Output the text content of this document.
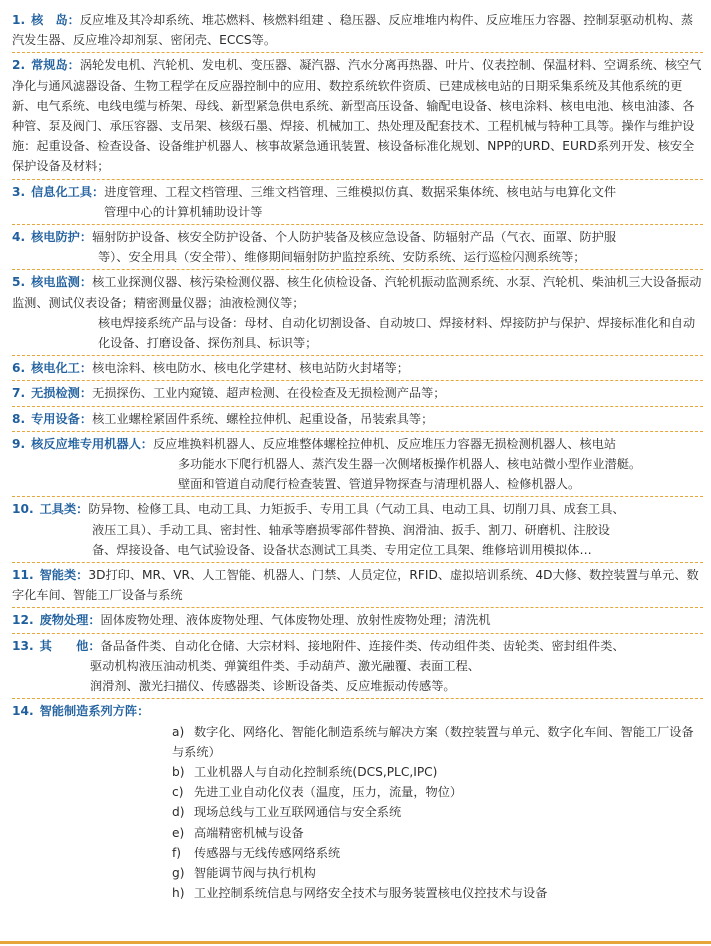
1. 核　岛：反应堆及其冷却系统、堆芯燃料、核燃料组建 、稳压器、反应堆堆内构件、反应堆压力容器、控制泵驱动机构、蒸汽发生器、反应堆冷却剂泵、密闭壳、ECCS等。
2. 常规岛：涡轮发电机、汽轮机、发电机、变压器、凝汽器、汽水分离再热器、叶片、仪表控制、保温材料、空调系统、核空气净化与通风滤器设备、生物工程学在反应器控制中的应用、数控系统软件资质、已建成核电站的日期采集系统及其他系统的更新、电气系统、电线电缆与桥架、母线、新型紧急供电系统、新型高压设备、输配电设备、核电涂料、核电电池、核电油漆、各种管、泵及阀门、承压容器、支吊架、核级石墨、焊接、机械加工、热处理及配套技术、工程机械与特种工具等。操作与维护设施：起重设备、检查设备、设备维护机器人、核事故紧急通讯装置、核设备标准化规划、NPP的URD、EURD系列开发、核安全保护设备及材料；
3. 信息化工具：进度管理、工程文档管理、三维文档管理、三维模拟仿真、数据采集体统、核电站与电算化文件
管理中心的计算机辅助设计等
4. 核电防护：辐射防护设备、核安全防护设备、个人防护装备及核应急设备、防辐射产品（气衣、面罩、防护服
等）、安全用具（安全带）、维修期间辐射防护监控系统、安防系统、运行巡检闪测系统等；
5. 核电监测：核工业探测仪器、核污染检测仪器、核生化侦检设备、汽轮机振动监测系统、水泵、汽轮机、柴油机三大设备振动监测、测试仪表设备；精密测量仪器；油液检测仪等；
核电焊接系统产品与设备：母材、自动化切割设备、自动坡口、焊接材料、焊接防护与保护、焊接标准化和自动化设备、打磨设备、探伤剂具、标识等；
6. 核电化工：核电涂料、核电防水、核电化学建材、核电站防火封堵等；
7. 无损检测：无损探伤、工业内窥镜、超声检测、在役检查及无损检测产品等；
8. 专用设备：核工业螺栓紧固件系统、螺栓拉伸机、起重设备，吊装索具等；
9. 核反应堆专用机器人：反应堆换料机器人、反应堆整体螺栓拉伸机、反应堆压力容器无损检测机器人、核电站
多功能水下爬行机器人、蒸汽发生器一次侧堵板操作机器人、核电站微小型作业潜艇。
壁面和管道自动爬行检查装置、管道异物探查与清理机器人、检修机器人。
10. 工具类：防异物、检修工具、电动工具、力矩扳手、专用工具（气动工具、电动工具、切削刀具、成套工具、
液压工具）、手动工具、密封性、轴承等磨损零部件替换、润滑油、扳手、割刀、研磨机、注胶设
备、焊接设备、电气试验设备、设备状态测试工具类、专用定位工具架、维修培训用模拟体…
11. 智能类：3D打印、MR、VR、人工智能、机器人、门禁、人员定位，RFID、虚拟培训系统、4D大修、数控装置与单元、数字化车间、智能工厂设备与系统
12. 废物处理：固体废物处理、液体废物处理、气体废物处理、放射性废物处理；清洗机
13. 其　　他：备品备件类、自动化仓储、大宗材料、接地附件、连接件类、传动组件类、齿轮类、密封组件类、
驱动机构液压油动机类、弹簧组件类、手动葫芦、激光融覆、表面工程、
润滑剂、激光扫描仪、传感器类、诊断设备类、反应堆振动传感等。
14. 智能制造系列方阵：
a) 数字化、网络化、智能化制造系统与解决方案（数控装置与单元、数字化车间、智能工厂设备与系统）
b) 工业机器人与自动化控制系统(DCS,PLC,IPC)
c) 先进工业自动化仪表（温度，压力，流量，物位）
d) 现场总线与工业互联网通信与安全系统
e) 高端精密机械与设备
f) 传感器与无线传感网络系统
g) 智能调节阀与执行机构
h) 工业控制系统信息与网络安全技术与服务装置核电仪控技术与设备
